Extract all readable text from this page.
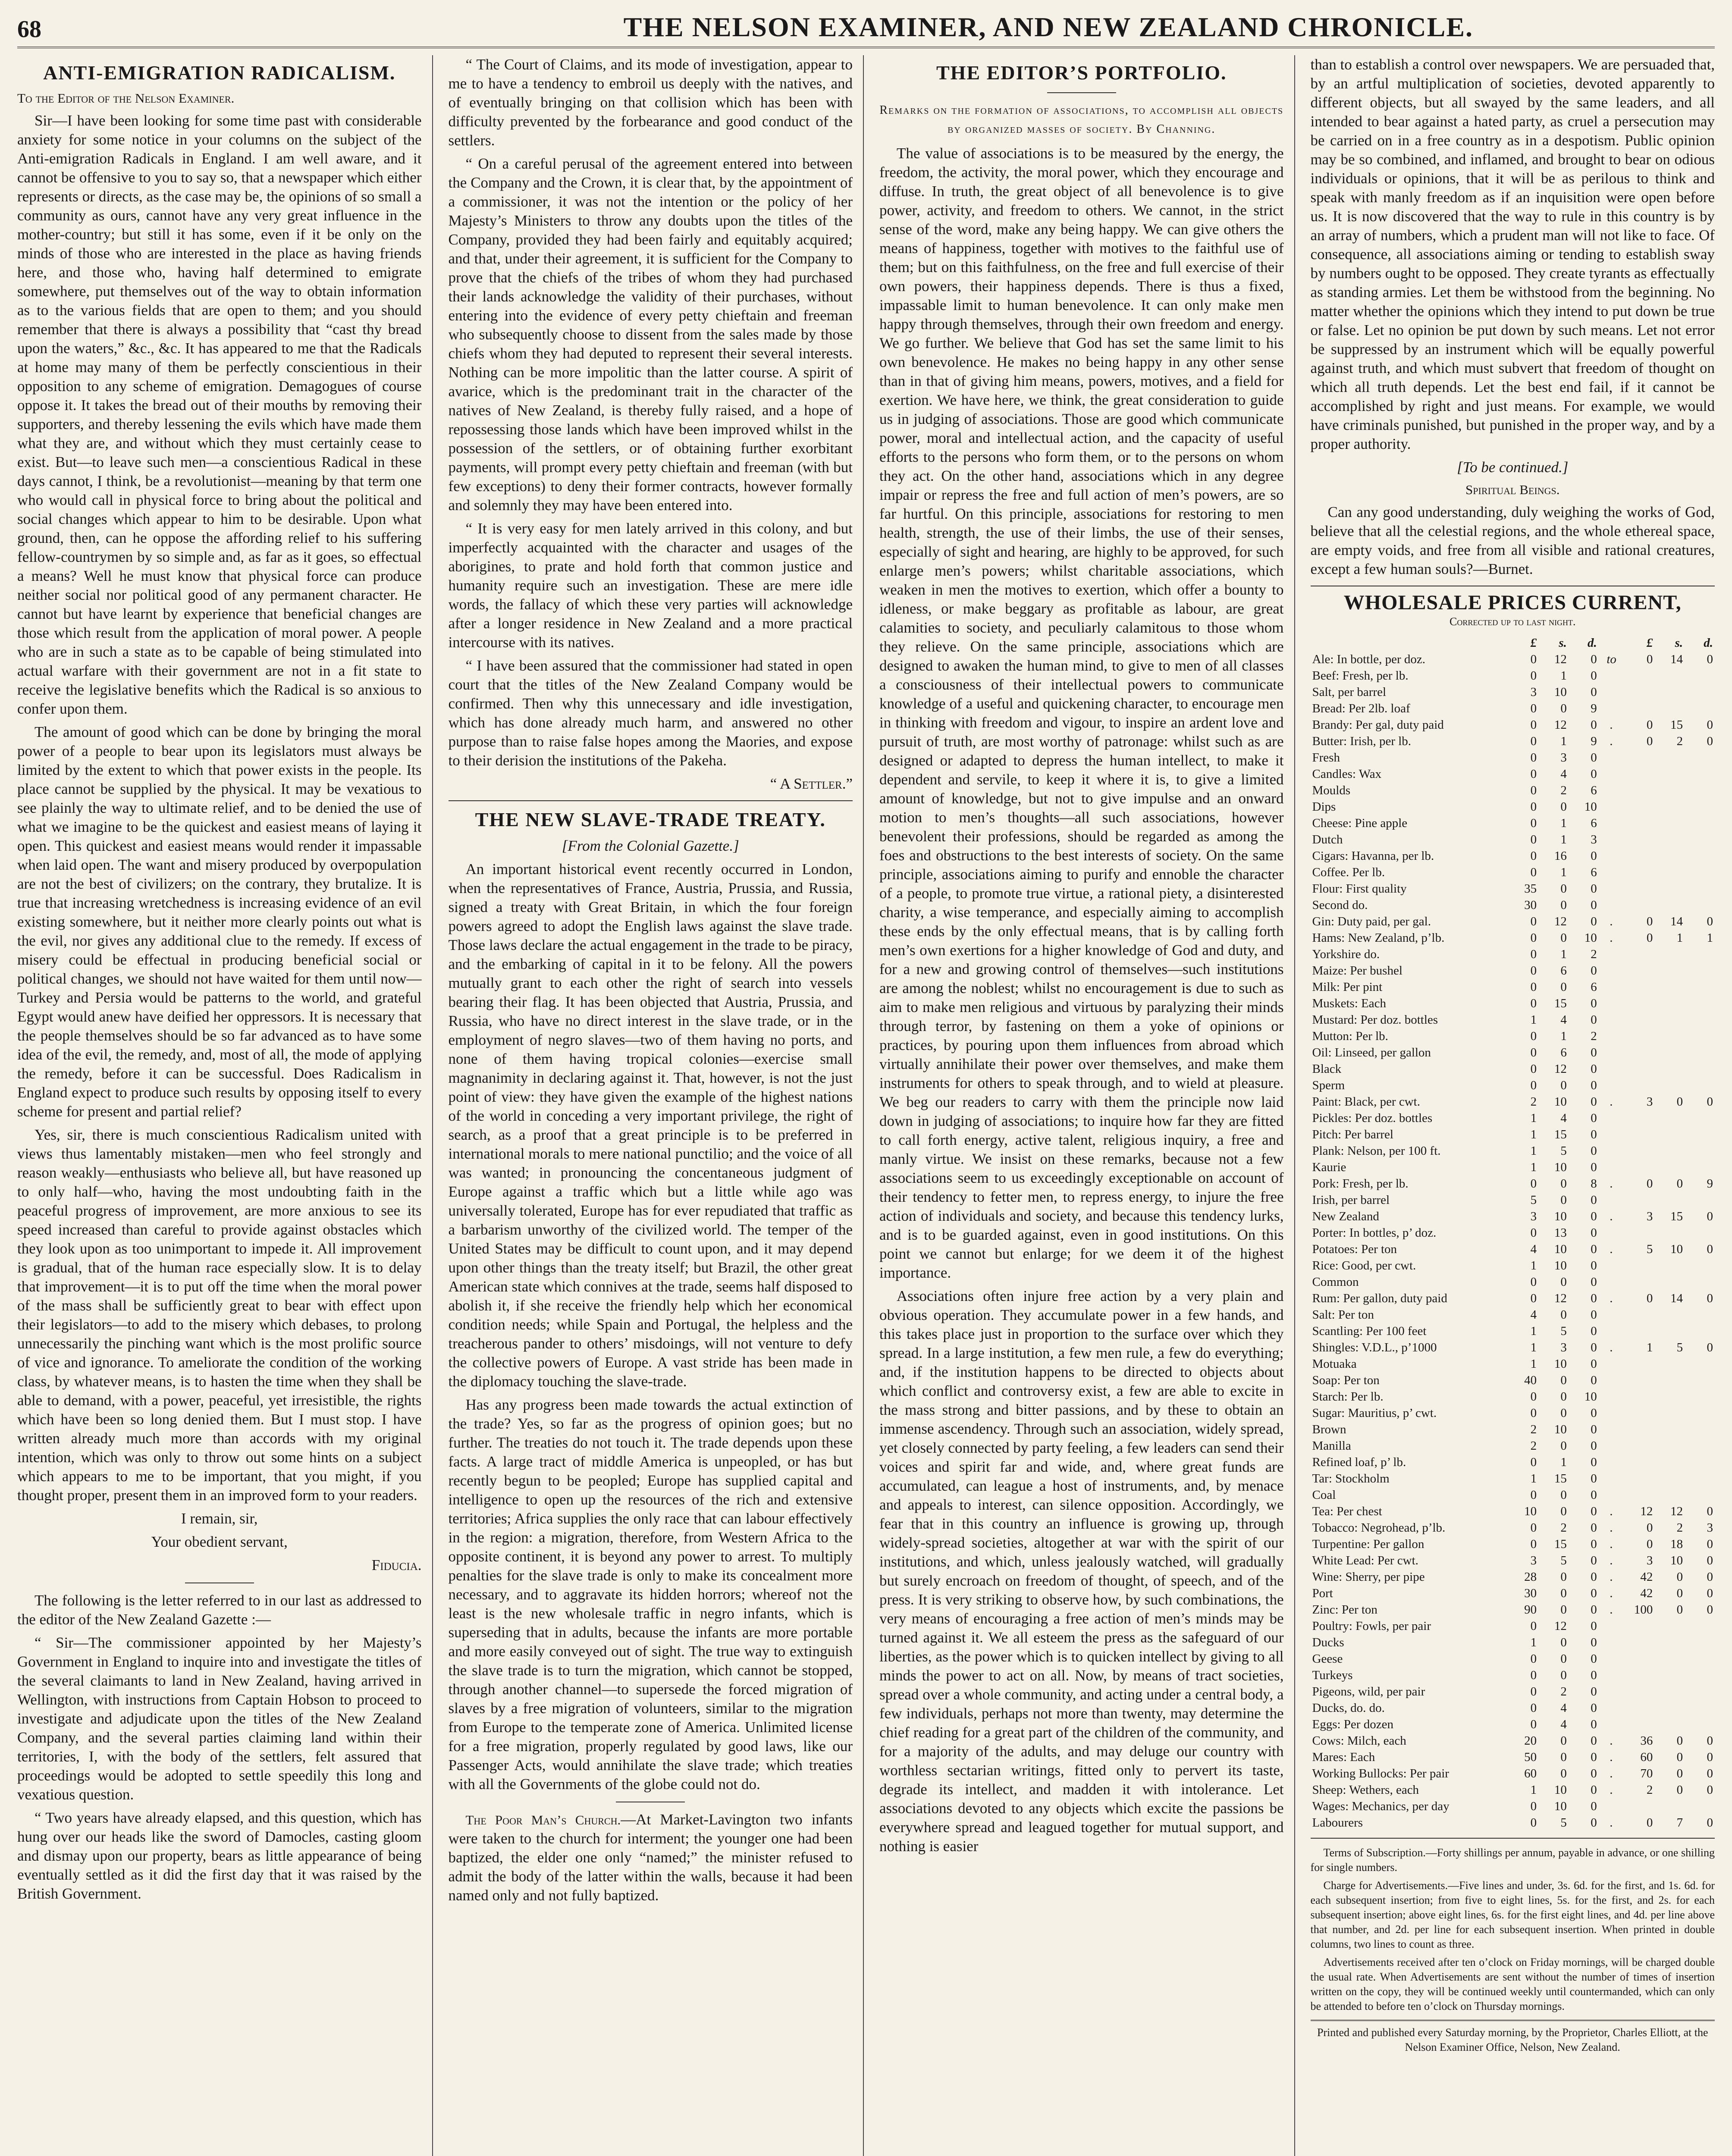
68	THE NELSON EXAMINER, AND NEW ZEALAND CHRONICLE.
ANTI-EMIGRATION RADICALISM.

To the Editor of the Nelson Examiner.

Sir—I have been looking for some time past with considerable anxiety for some notice in your columns on the subject of the Anti-emigration Radicals in England. I am well aware, and it cannot be offensive to you to say so, that a newspaper which either represents or directs, as the case may be, the opinions of so small a community as ours, cannot have any very great influence in the mother-country; but still it has some, even if it be only on the minds of those who are interested in the place as having friends here, and those who, having half determined to emigrate somewhere, put themselves out of the way to obtain information as to the various fields that are open to them; and you should remember that there is always a possibility that “cast thy bread upon the waters,” &c., &c. It has appeared to me that the Radicals at home may many of them be perfectly conscientious in their opposition to any scheme of emigration. Demagogues of course oppose it. It takes the bread out of their mouths by removing their supporters, and thereby lessening the evils which have made them what they are, and without which they must certainly cease to exist. But—to leave such men—a conscientious Radical in these days cannot, I think, be a revolutionist—meaning by that term one who would call in physical force to bring about the political and social changes which appear to him to be desirable. Upon what ground, then, can he oppose the affording relief to his suffering fellow-countrymen by so simple and, as far as it goes, so effectual a means? Well he must know that physical force can produce neither social nor political good of any permanent character. He cannot but have learnt by experience that beneficial changes are those which result from the application of moral power. A people who are in such a state as to be capable of being stimulated into actual warfare with their government are not in a fit state to receive the legislative benefits which the Radical is so anxious to confer upon them.

The amount of good which can be done by bringing the moral power of a people to bear upon its legislators must always be limited by the extent to which that power exists in the people. Its place cannot be supplied by the physical. It may be vexatious to see plainly the way to ultimate relief, and to be denied the use of what we imagine to be the quickest and easiest means of laying it open. This quickest and easiest means would render it impassable when laid open. The want and misery produced by overpopulation are not the best of civilizers; on the contrary, they brutalize. It is true that increasing wretchedness is increasing evidence of an evil existing somewhere, but it neither more clearly points out what is the evil, nor gives any additional clue to the remedy. If excess of misery could be effectual in producing beneficial social or political changes, we should not have waited for them until now—Turkey and Persia would be patterns to the world, and grateful Egypt would anew have deified her oppressors. It is necessary that the people themselves should be so far advanced as to have some idea of the evil, the remedy, and, most of all, the mode of applying the remedy, before it can be successful. Does Radicalism in England expect to produce such results by opposing itself to every scheme for present and partial relief?

Yes, sir, there is much conscientious Radicalism united with views thus lamentably mistaken—men who feel strongly and reason weakly—enthusiasts who believe all, but have reasoned up to only half—who, having the most undoubting faith in the peaceful progress of improvement, are more anxious to see its speed increased than careful to provide against obstacles which they look upon as too unimportant to impede it. All improvement is gradual, that of the human race especially slow. It is to delay that improvement—it is to put off the time when the moral power of the mass shall be sufficiently great to bear with effect upon their legislators—to add to the misery which debases, to prolong unnecessarily the pinching want which is the most prolific source of vice and ignorance. To ameliorate the condition of the working class, by whatever means, is to hasten the time when they shall be able to demand, with a power, peaceful, yet irresistible, the rights which have been so long denied them. But I must stop. I have written already much more than accords with my original intention, which was only to throw out some hints on a subject which appears to me to be important, that you might, if you thought proper, present them in an improved form to your readers.

I remain, sir,

Your obedient servant,

Fiducia.

The following is the letter referred to in our last as addressed to the editor of the New Zealand Gazette :—

“ Sir—The commissioner appointed by her Majesty’s Government in England to inquire into and investigate the titles of the several claimants to land in New Zealand, having arrived in Wellington, with instructions from Captain Hobson to proceed to investigate and adjudicate upon the titles of the New Zealand Company, and the several parties claiming land within their territories, I, with the body of the settlers, felt assured that proceedings would be adopted to settle speedily this long and vexatious question.

“ Two years have already elapsed, and this question, which has hung over our heads like the sword of Damocles, casting gloom and dismay upon our property, bears as little appearance of being eventually settled as it did the first day that it was raised by the British Government.

“ The Court of Claims, and its mode of investigation, appear to me to have a tendency to embroil us deeply with the natives, and of eventually bringing on that collision which has been with difficulty prevented by the forbearance and good conduct of the settlers.

“ On a careful perusal of the agreement entered into between the Company and the Crown, it is clear that, by the appointment of a commissioner, it was not the intention or the policy of her Majesty’s Ministers to throw any doubts upon the titles of the Company, provided they had been fairly and equitably acquired; and that, under their agreement, it is sufficient for the Company to prove that the chiefs of the tribes of whom they had purchased their lands acknowledge the validity of their purchases, without entering into the evidence of every petty chieftain and freeman who subsequently choose to dissent from the sales made by those chiefs whom they had deputed to represent their several interests. Nothing can be more impolitic than the latter course. A spirit of avarice, which is the predominant trait in the character of the natives of New Zealand, is thereby fully raised, and a hope of repossessing those lands which have been improved whilst in the possession of the settlers, or of obtaining further exorbitant payments, will prompt every petty chieftain and freeman (with but few exceptions) to deny their former contracts, however formally and solemnly they may have been entered into.

“ It is very easy for men lately arrived in this colony, and but imperfectly acquainted with the character and usages of the aborigines, to prate and hold forth that common justice and humanity require such an investigation. These are mere idle words, the fallacy of which these very parties will acknowledge after a longer residence in New Zealand and a more practical intercourse with its natives.

“ I have been assured that the commissioner had stated in open court that the titles of the New Zealand Company would be confirmed. Then why this unnecessary and idle investigation, which has done already much harm, and answered no other purpose than to raise false hopes among the Maories, and expose to their derision the institutions of the Pakeha.

“ A Settler.”

THE NEW SLAVE-TRADE TREATY.

[From the Colonial Gazette.]

An important historical event recently occurred in London, when the representatives of France, Austria, Prussia, and Russia, signed a treaty with Great Britain, in which the four foreign powers agreed to adopt the English laws against the slave trade. Those laws declare the actual engagement in the trade to be piracy, and the embarking of capital in it to be felony. All the powers mutually grant to each other the right of search into vessels bearing their flag. It has been objected that Austria, Prussia, and Russia, who have no direct interest in the slave trade, or in the employment of negro slaves—two of them having no ports, and none of them having tropical colonies—exercise small magnanimity in declaring against it. That, however, is not the just point of view: they have given the example of the highest nations of the world in conceding a very important privilege, the right of search, as a proof that a great principle is to be preferred in international morals to mere national punctilio; and the voice of all was wanted; in pronouncing the concentaneous judgment of Europe against a traffic which but a little while ago was universally tolerated, Europe has for ever repudiated that traffic as a barbarism unworthy of the civilized world. The temper of the United States may be difficult to count upon, and it may depend upon other things than the treaty itself; but Brazil, the other great American state which connives at the trade, seems half disposed to abolish it, if she receive the friendly help which her economical condition needs; while Spain and Portugal, the helpless and the treacherous pander to others’ misdoings, will not venture to defy the collective powers of Europe. A vast stride has been made in the diplomacy touching the slave-trade.

Has any progress been made towards the actual extinction of the trade? Yes, so far as the progress of opinion goes; but no further. The treaties do not touch it. The trade depends upon these facts. A large tract of middle America is unpeopled, or has but recently begun to be peopled; Europe has supplied capital and intelligence to open up the resources of the rich and extensive territories; Africa supplies the only race that can labour effectively in the region: a migration, therefore, from Western Africa to the opposite continent, it is beyond any power to arrest. To multiply penalties for the slave trade is only to make its concealment more necessary, and to aggravate its hidden horrors; whereof not the least is the new wholesale traffic in negro infants, which is superseding that in adults, because the infants are more portable and more easily conveyed out of sight. The true way to extinguish the slave trade is to turn the migration, which cannot be stopped, through another channel—to supersede the forced migration of slaves by a free migration of volunteers, similar to the migration from Europe to the temperate zone of America. Unlimited license for a free migration, properly regulated by good laws, like our Passenger Acts, would annihilate the slave trade; which treaties with all the Governments of the globe could not do.

The Poor Man’s Church.—At Market-Lavington two infants were taken to the church for interment; the younger one had been baptized, the elder one only “named;” the minister refused to admit the body of the latter within the walls, because it had been named only and not fully baptized.

THE EDITOR’S PORTFOLIO.
Remarks on the formation of associations, to accomplish all objects by organized masses of society. By Channing.

The value of associations is to be measured by the energy, the freedom, the activity, the moral power, which they encourage and diffuse. In truth, the great object of all benevolence is to give power, activity, and freedom to others. We cannot, in the strict sense of the word, make any being happy. We can give others the means of happiness, together with motives to the faithful use of them; but on this faithfulness, on the free and full exercise of their own powers, their happiness depends. There is thus a fixed, impassable limit to human benevolence. It can only make men happy through themselves, through their own freedom and energy. We go further. We believe that God has set the same limit to his own benevolence. He makes no being happy in any other sense than in that of giving him means, powers, motives, and a field for exertion. We have here, we think, the great consideration to guide us in judging of associations. Those are good which communicate power, moral and intellectual action, and the capacity of useful efforts to the persons who form them, or to the persons on whom they act. On the other hand, associations which in any degree impair or repress the free and full action of men’s powers, are so far hurtful. On this principle, associations for restoring to men health, strength, the use of their limbs, the use of their senses, especially of sight and hearing, are highly to be approved, for such enlarge men’s powers; whilst charitable associations, which weaken in men the motives to exertion, which offer a bounty to idleness, or make beggary as profitable as labour, are great calamities to society, and peculiarly calamitous to those whom they relieve. On the same principle, associations which are designed to awaken the human mind, to give to men of all classes a consciousness of their intellectual powers to communicate knowledge of a useful and quickening character, to encourage men in thinking with freedom and vigour, to inspire an ardent love and pursuit of truth, are most worthy of patronage: whilst such as are designed or adapted to depress the human intellect, to make it dependent and servile, to keep it where it is, to give a limited amount of knowledge, but not to give impulse and an onward motion to men’s thoughts—all such associations, however benevolent their professions, should be regarded as among the foes and obstructions to the best interests of society. On the same principle, associations aiming to purify and ennoble the character of a people, to promote true virtue, a rational piety, a disinterested charity, a wise temperance, and especially aiming to accomplish these ends by the only effectual means, that is by calling forth men’s own exertions for a higher knowledge of God and duty, and for a new and growing control of themselves—such institutions are among the noblest; whilst no encouragement is due to such as aim to make men religious and virtuous by paralyzing their minds through terror, by fastening on them a yoke of opinions or practices, by pouring upon them influences from abroad which virtually annihilate their power over themselves, and make them instruments for others to speak through, and to wield at pleasure. We beg our readers to carry with them the principle now laid down in judging of associations; to inquire how far they are fitted to call forth energy, active talent, religious inquiry, a free and manly virtue. We insist on these remarks, because not a few associations seem to us exceedingly exceptionable on account of their tendency to fetter men, to repress energy, to injure the free action of individuals and society, and because this tendency lurks, and is to be guarded against, even in good institutions. On this point we cannot but enlarge; for we deem it of the highest importance.

Associations often injure free action by a very plain and obvious operation. They accumulate power in a few hands, and this takes place just in proportion to the surface over which they spread. In a large institution, a few men rule, a few do everything; and, if the institution happens to be directed to objects about which conflict and controversy exist, a few are able to excite in the mass strong and bitter passions, and by these to obtain an immense ascendency. Through such an association, widely spread, yet closely connected by party feeling, a few leaders can send their voices and spirit far and wide, and, where great funds are accumulated, can league a host of instruments, and, by menace and appeals to interest, can silence opposition. Accordingly, we fear that in this country an influence is growing up, through widely-spread societies, altogether at war with the spirit of our institutions, and which, unless jealously watched, will gradually but surely encroach on freedom of thought, of speech, and of the press. It is very striking to observe how, by such combinations, the very means of encouraging a free action of men’s minds may be turned against it. We all esteem the press as the safeguard of our liberties, as the power which is to quicken intellect by giving to all minds the power to act on all. Now, by means of tract societies, spread over a whole community, and acting under a central body, a few individuals, perhaps not more than twenty, may determine the chief reading for a great part of the children of the community, and for a majority of the adults, and may deluge our country with worthless sectarian writings, fitted only to pervert its taste, degrade its intellect, and madden it with intolerance. Let associations devoted to any objects which excite the passions be everywhere spread and leagued together for mutual support, and nothing is easier

than to establish a control over newspapers. We are persuaded that, by an artful multiplication of societies, devoted apparently to different objects, but all swayed by the same leaders, and all intended to bear against a hated party, as cruel a persecution may be carried on in a free country as in a despotism. Public opinion may be so combined, and inflamed, and brought to bear on odious individuals or opinions, that it will be as perilous to think and speak with manly freedom as if an inquisition were open before us. It is now discovered that the way to rule in this country is by an array of numbers, which a prudent man will not like to face. Of consequence, all associations aiming or tending to establish sway by numbers ought to be opposed. They create tyrants as effectually as standing armies. Let them be withstood from the beginning. No matter whether the opinions which they intend to put down be true or false. Let no opinion be put down by such means. Let not error be suppressed by an instrument which will be equally powerful against truth, and which must subvert that freedom of thought on which all truth depends. Let the best end fail, if it cannot be accomplished by right and just means. For example, we would have criminals punished, but punished in the proper way, and by a proper authority.

[To be continued.]

Spiritual Beings.

Can any good understanding, duly weighing the works of God, believe that all the celestial regions, and the whole ethereal space, are empty voids, and free from all visible and rational creatures, except a few human souls?—Burnet.

WHOLESALE PRICES CURRENT,
Corrected up to last night.
	£	s.	d.		£	s.	d.
Ale: In bottle, per doz.	0	12	0	to	0	14	0
Beef: Fresh, per lb.	0	1	0				
Salt, per barrel	3	10	0				
Bread: Per 2lb. loaf	0	0	9				
Brandy: Per gal, duty paid	0	12	0	.	0	15	0
Butter: Irish, per lb.	0	1	9	.	0	2	0
Fresh	0	3	0				
Candles: Wax	0	4	0				
Moulds	0	2	6				
Dips	0	0	10				
Cheese: Pine apple	0	1	6				
Dutch	0	1	3				
Cigars: Havanna, per lb.	0	16	0				
Coffee. Per lb.	0	1	6				
Flour: First quality	35	0	0				
Second do.	30	0	0				
Gin: Duty paid, per gal.	0	12	0	.	0	14	0
Hams: New Zealand, p’lb.	0	0	10	.	0	1	1
Yorkshire do.	0	1	2				
Maize: Per bushel	0	6	0				
Milk: Per pint	0	0	6				
Muskets: Each	0	15	0				
Mustard: Per doz. bottles	1	4	0				
Mutton: Per lb.	0	1	2				
Oil: Linseed, per gallon	0	6	0				
Black	0	12	0				
Sperm	0	0	0				
Paint: Black, per cwt.	2	10	0	.	3	0	0
Pickles: Per doz. bottles	1	4	0				
Pitch: Per barrel	1	15	0				
Plank: Nelson, per 100 ft.	1	5	0				
Kaurie	1	10	0				
Pork: Fresh, per lb.	0	0	8	.	0	0	9
Irish, per barrel	5	0	0				
New Zealand	3	10	0	.	3	15	0
Porter: In bottles, p’ doz.	0	13	0				
Potatoes: Per ton	4	10	0	.	5	10	0
Rice: Good, per cwt.	1	10	0				
Common	0	0	0				
Rum: Per gallon, duty paid	0	12	0	.	0	14	0
Salt: Per ton	4	0	0				
Scantling: Per 100 feet	1	5	0				
Shingles: V.D.L., p’1000	1	3	0	.	1	5	0
Motuaka	1	10	0				
Soap: Per ton	40	0	0				
Starch: Per lb.	0	0	10				
Sugar: Mauritius, p’ cwt.	0	0	0				
Brown	2	10	0				
Manilla	2	0	0				
Refined loaf, p’ lb.	0	1	0				
Tar: Stockholm	1	15	0				
Coal	0	0	0				
Tea: Per chest	10	0	0	.	12	12	0
Tobacco: Negrohead, p’lb.	0	2	0	.	0	2	3
Turpentine: Per gallon	0	15	0	.	0	18	0
White Lead: Per cwt.	3	5	0	.	3	10	0
Wine: Sherry, per pipe	28	0	0	.	42	0	0
Port	30	0	0	.	42	0	0
Zinc: Per ton	90	0	0	.	100	0	0
Poultry: Fowls, per pair	0	12	0				
Ducks	1	0	0				
Geese	0	0	0				
Turkeys	0	0	0				
Pigeons, wild, per pair	0	2	0				
Ducks, do. do.	0	4	0				
Eggs: Per dozen	0	4	0				
Cows: Milch, each	20	0	0	.	36	0	0
Mares: Each	50	0	0	.	60	0	0
Working Bullocks: Per pair	60	0	0	.	70	0	0
Sheep: Wethers, each	1	10	0	.	2	0	0
Wages: Mechanics, per day	0	10	0				
Labourers	0	5	0	.	0	7	0

Terms of Subscription.—Forty shillings per annum, payable in advance, or one shilling for single numbers.

Charge for Advertisements.—Five lines and under, 3s. 6d. for the first, and 1s. 6d. for each subsequent insertion; from five to eight lines, 5s. for the first, and 2s. for each subsequent insertion; above eight lines, 6s. for the first eight lines, and 4d. per line above that number, and 2d. per line for each subsequent insertion. When printed in double columns, two lines to count as three.

Advertisements received after ten o’clock on Friday mornings, will be charged double the usual rate. When Advertisements are sent without the number of times of insertion written on the copy, they will be continued weekly until countermanded, which can only be attended to before ten o’clock on Thursday mornings.

Printed and published every Saturday morning, by the Proprietor, Charles Elliott, at the Nelson Examiner Office, Nelson, New Zealand.
